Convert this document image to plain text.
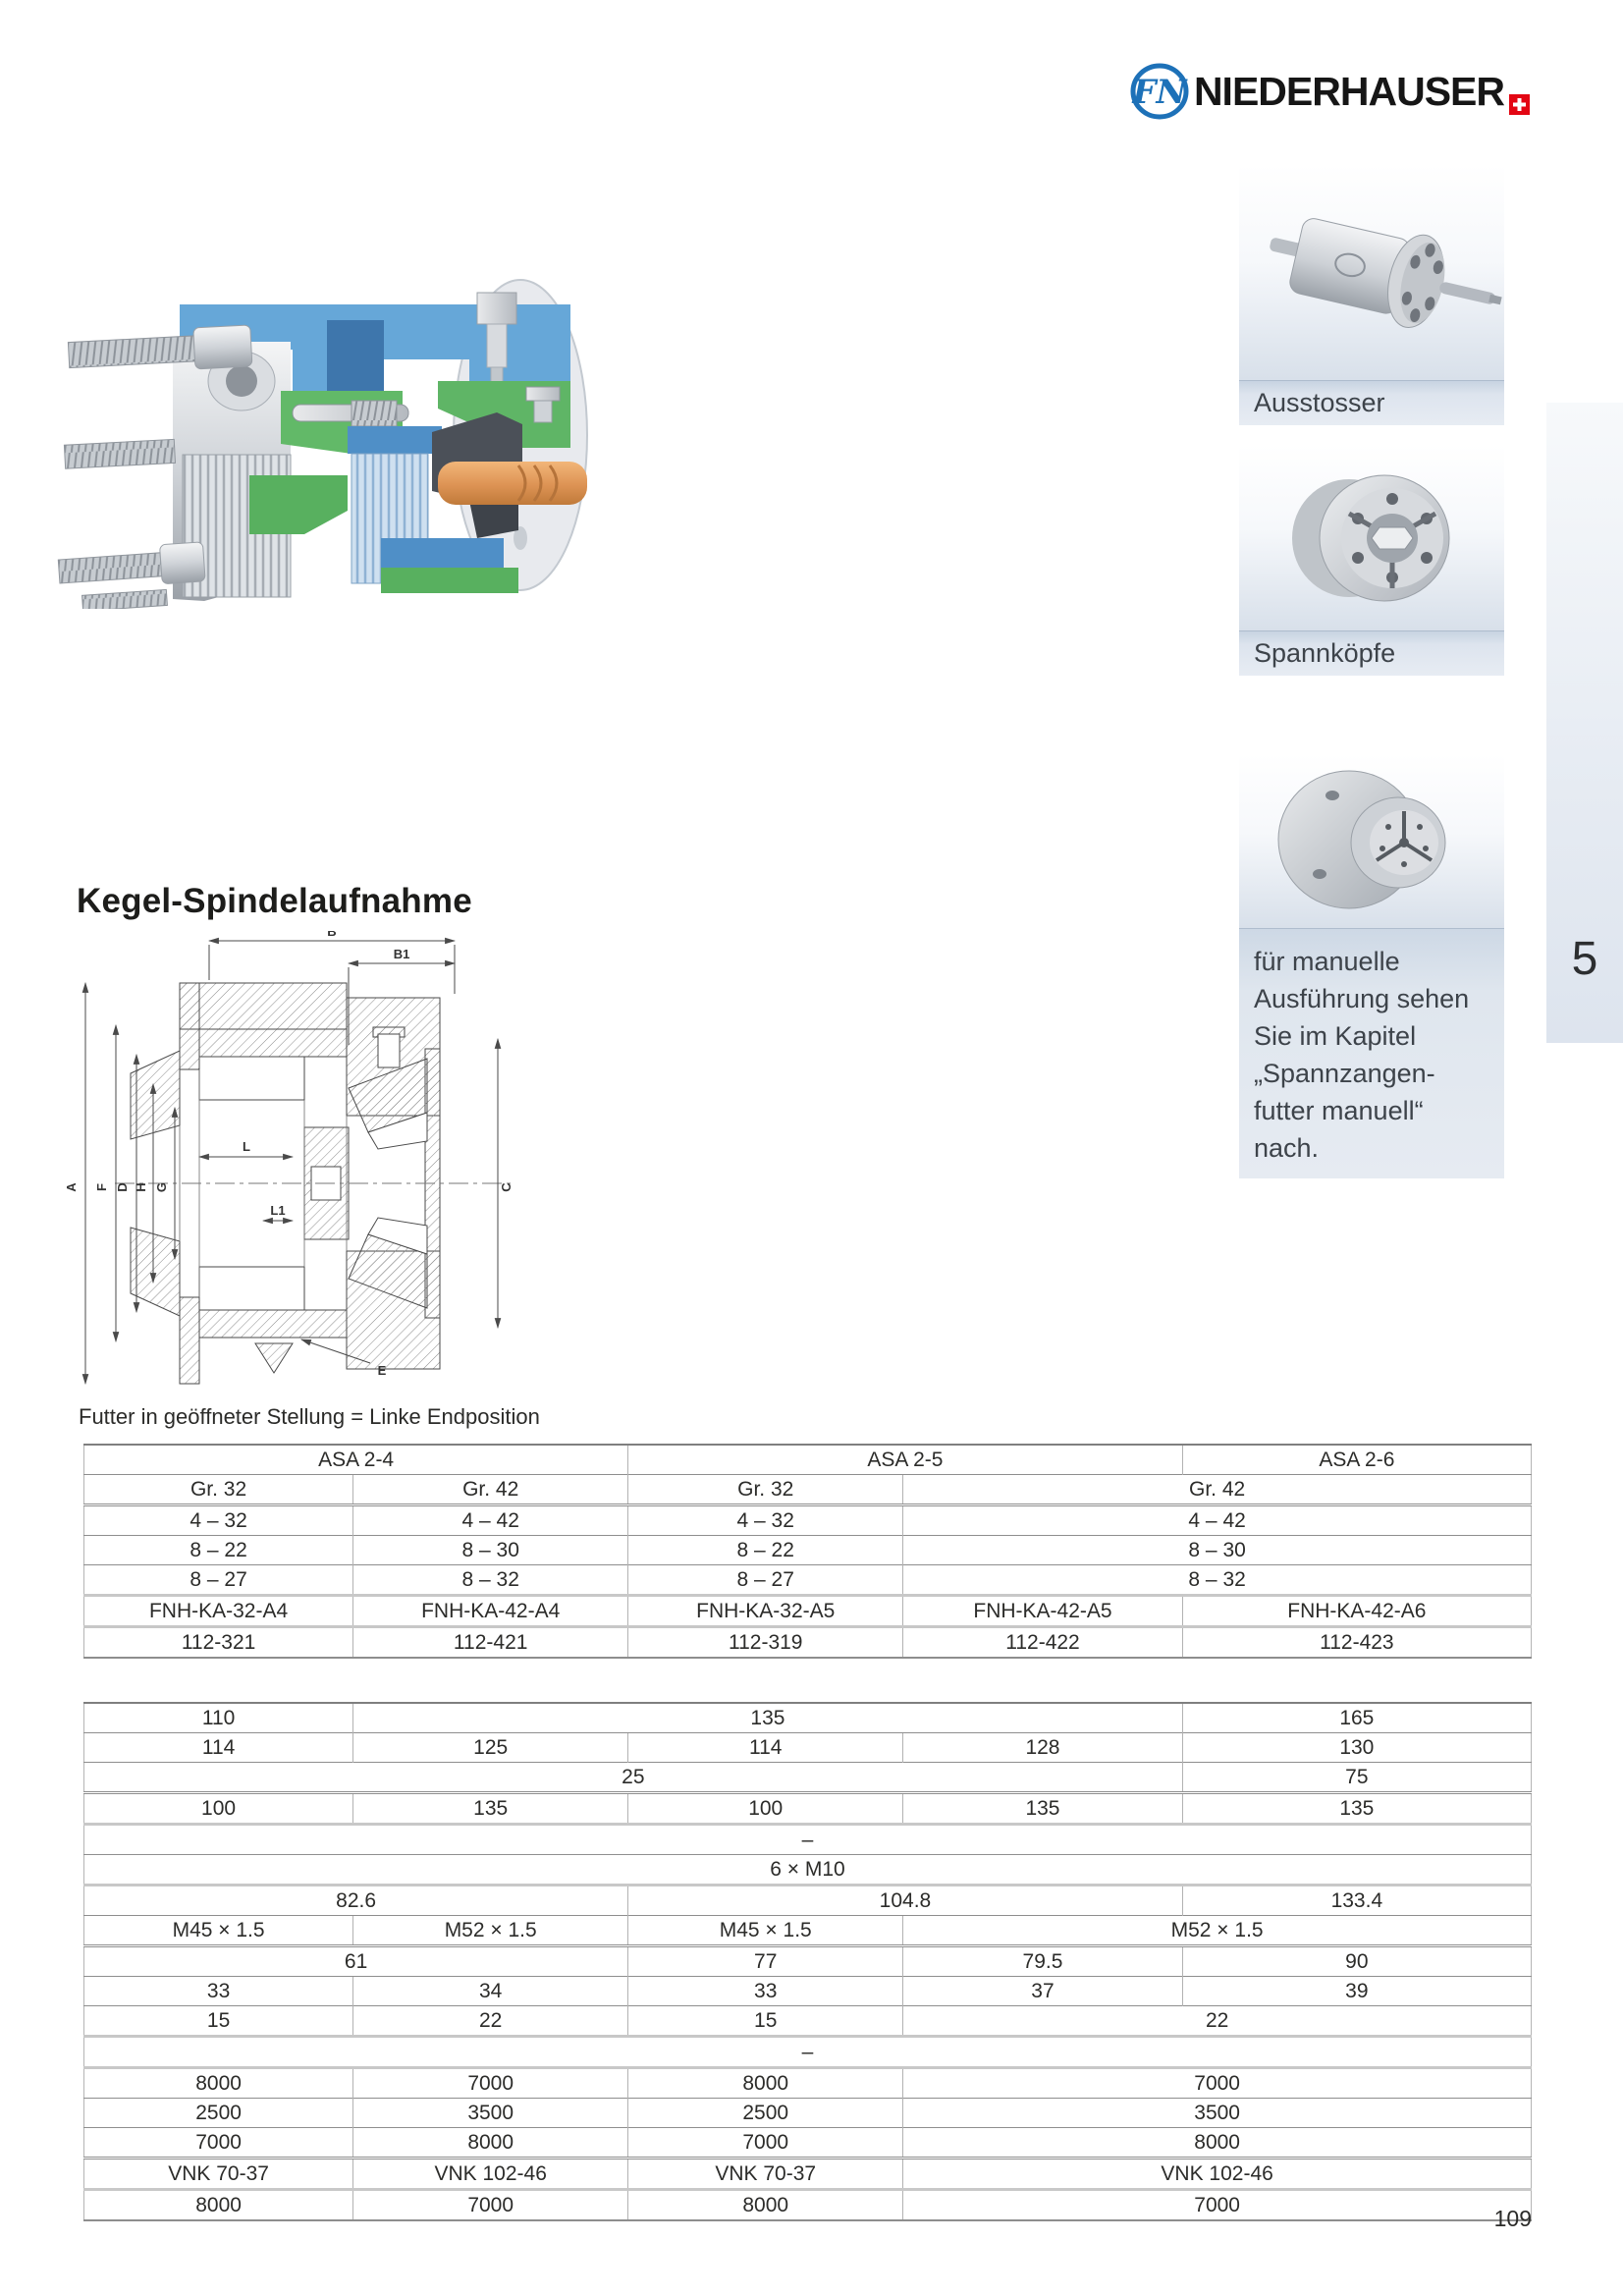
FN NIEDERHAUSER
Ausstosser
Spannköpfe
für manuelle
Ausführung sehen
Sie im Kapitel
„Spannzangen-
futter manuell“ nach.
5
Kegel-Spindelaufnahme
B
B1
A F D H G	C
L
L1
E
Futter in geöffneter Stellung = Linke Endposition
ASA 2-4		ASA 2-5		ASA 2-6
Gr. 32	Gr. 42	Gr. 32	Gr. 42	
4 – 32	4 – 42	4 – 32	4 – 42	
8 – 22	8 – 30	8 – 22	8 – 30	
8 – 27	8 – 32	8 – 27	8 – 32	
FNH-KA-32-A4	FNH-KA-42-A4	FNH-KA-32-A5	FNH-KA-42-A5	FNH-KA-42-A6
112-321	112-421	112-319	112-422	112-423
110	135			165
114	125	114	128	130
25				75
100	135	100	135	135
–				
6 × M10				
82.6		104.8		133.4
M45 × 1.5	M52 × 1.5	M45 × 1.5	M52 × 1.5	
61		77	79.5	90
33	34	33	37	39
15	22	15	22	
–				
8000	7000	8000	7000	
2500	3500	2500	3500	
7000	8000	7000	8000	
VNK 70-37	VNK 102-46	VNK 70-37	VNK 102-46	
8000	7000	8000	7000	
109
